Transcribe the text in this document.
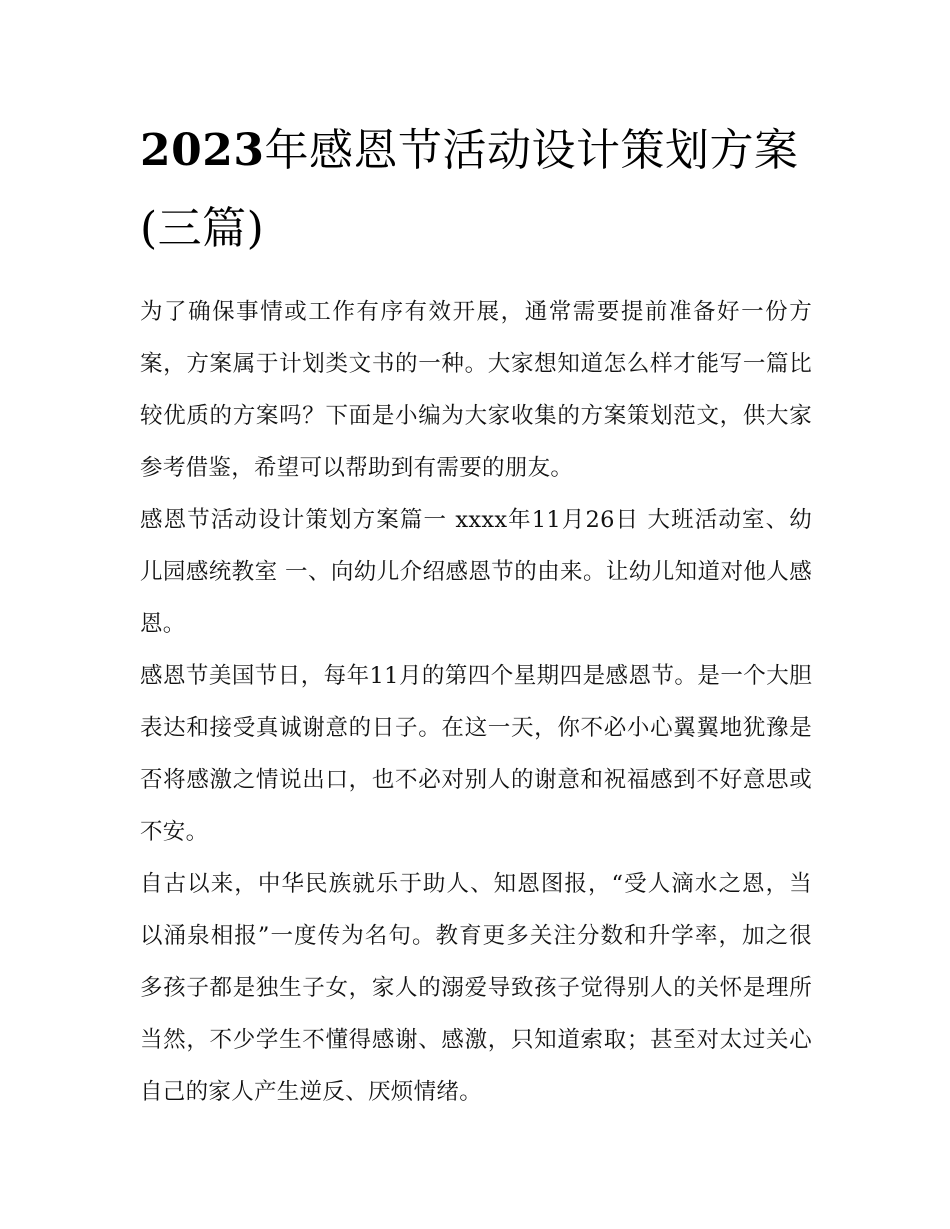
2023年感恩节活动设计策划方案(三篇)

为了确保事情或工作有序有效开展，通常需要提前准备好一份方案，方案属于计划类文书的一种。大家想知道怎么样才能写一篇比较优质的方案吗？下面是小编为大家收集的方案策划范文，供大家参考借鉴，希望可以帮助到有需要的朋友。

感恩节活动设计策划方案篇一 xxxx年11月26日 大班活动室、幼儿园感统教室 一、向幼儿介绍感恩节的由来。让幼儿知道对他人感恩。

感恩节美国节日，每年11月的第四个星期四是感恩节。是一个大胆表达和接受真诚谢意的日子。在这一天，你不必小心翼翼地犹豫是否将感激之情说出口，也不必对别人的谢意和祝福感到不好意思或不安。

自古以来，中华民族就乐于助人、知恩图报，“受人滴水之恩，当以涌泉相报”一度传为名句。教育更多关注分数和升学率，加之很多孩子都是独生子女，家人的溺爱导致孩子觉得别人的关怀是理所当然，不少学生不懂得感谢、感激，只知道索取；甚至对太过关心自己的家人产生逆反、厌烦情绪。
